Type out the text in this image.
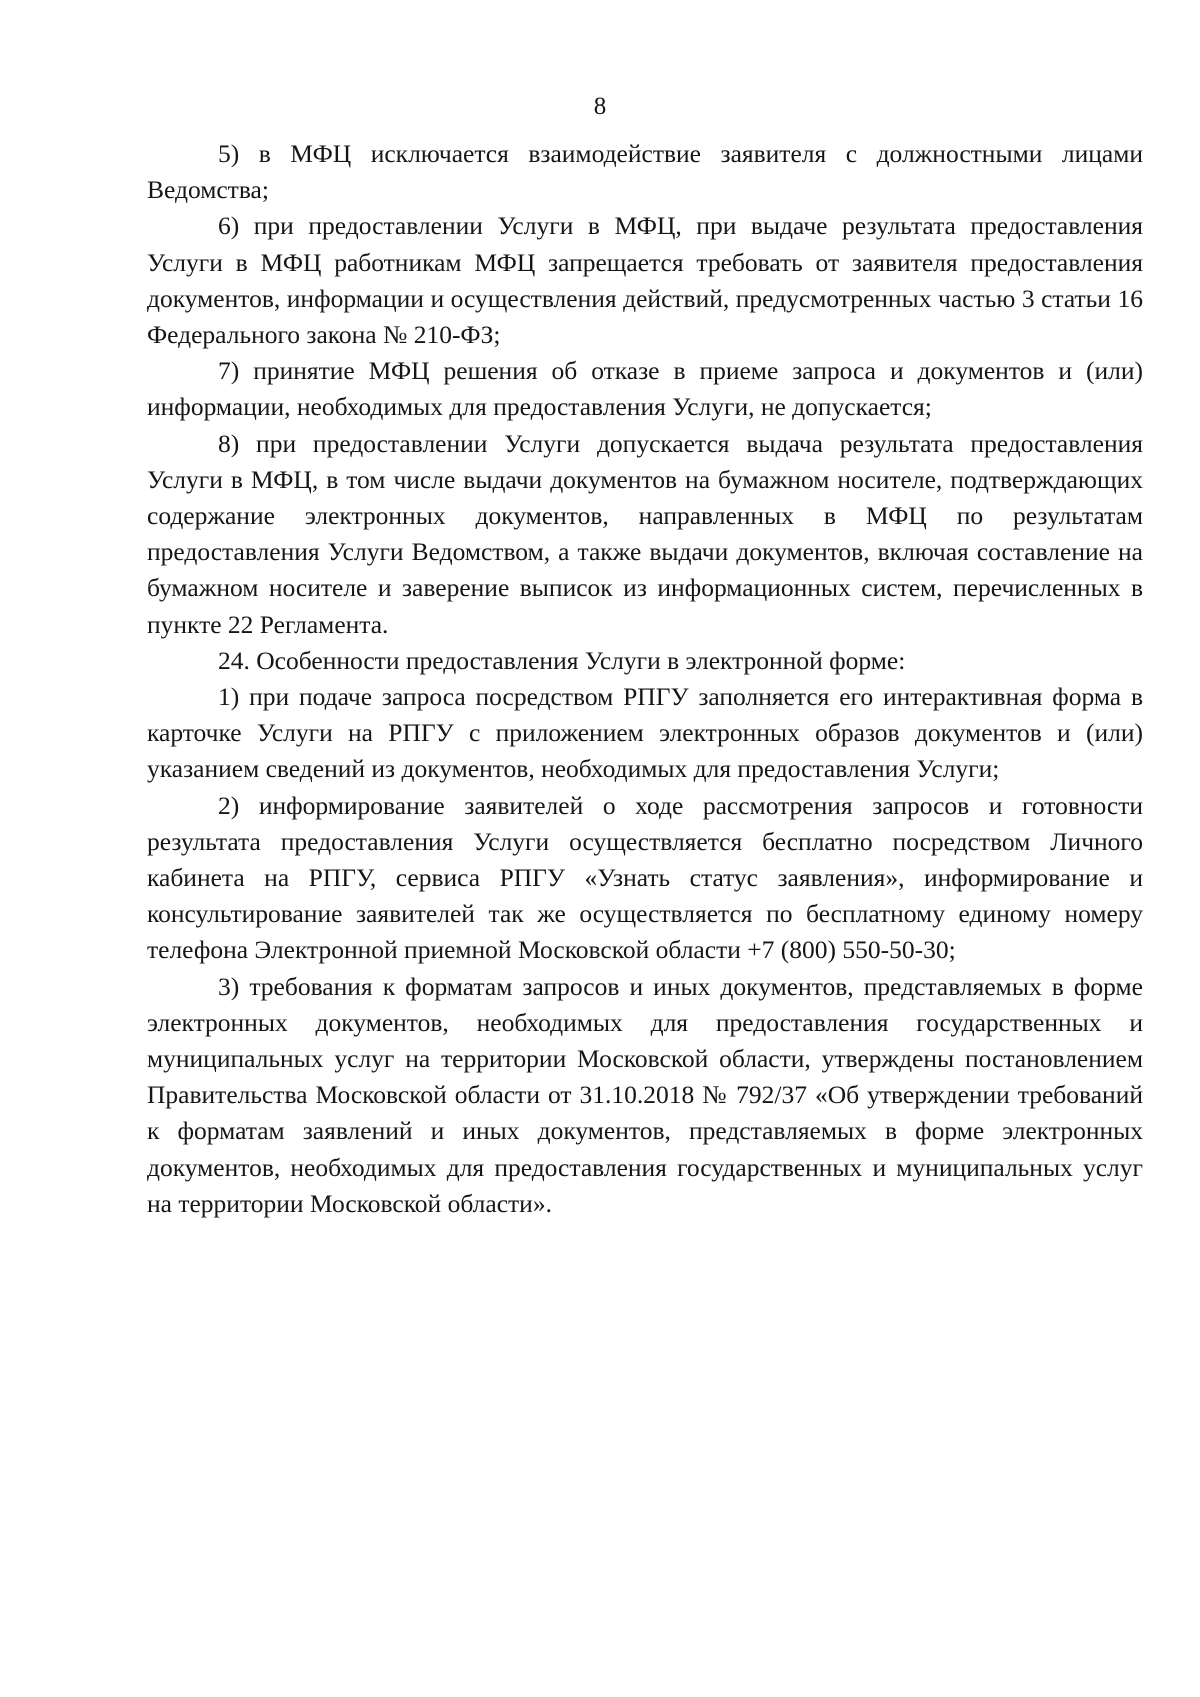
8

5) в МФЦ исключается взаимодействие заявителя с должностными лицами Ведомства;

6) при предоставлении Услуги в МФЦ, при выдаче результата предоставления Услуги в МФЦ работникам МФЦ запрещается требовать от заявителя предоставления документов, информации и осуществления действий, предусмотренных частью 3 статьи 16 Федерального закона № 210-ФЗ;

7) принятие МФЦ решения об отказе в приеме запроса и документов и (или) информации, необходимых для предоставления Услуги, не допускается;

8) при предоставлении Услуги допускается выдача результата предоставления Услуги в МФЦ, в том числе выдачи документов на бумажном носителе, подтверждающих содержание электронных документов, направленных в МФЦ по результатам предоставления Услуги Ведомством, а также выдачи документов, включая составление на бумажном носителе и заверение выписок из информационных систем, перечисленных в пункте 22 Регламента.

24. Особенности предоставления Услуги в электронной форме:

1) при подаче запроса посредством РПГУ заполняется его интерактивная форма в карточке Услуги на РПГУ с приложением электронных образов документов и (или) указанием сведений из документов, необходимых для предоставления Услуги;

2) информирование заявителей о ходе рассмотрения запросов и готовности результата предоставления Услуги осуществляется бесплатно посредством Личного кабинета на РПГУ, сервиса РПГУ «Узнать статус заявления», информирование и консультирование заявителей так же осуществляется по бесплатному единому номеру телефона Электронной приемной Московской области +7 (800) 550-50-30;

3) требования к форматам запросов и иных документов, представляемых в форме электронных документов, необходимых для предоставления государственных и муниципальных услуг на территории Московской области, утверждены постановлением Правительства Московской области от 31.10.2018 № 792/37 «Об утверждении требований к форматам заявлений и иных документов, представляемых в форме электронных документов, необходимых для предоставления государственных и муниципальных услуг на территории Московской области».
